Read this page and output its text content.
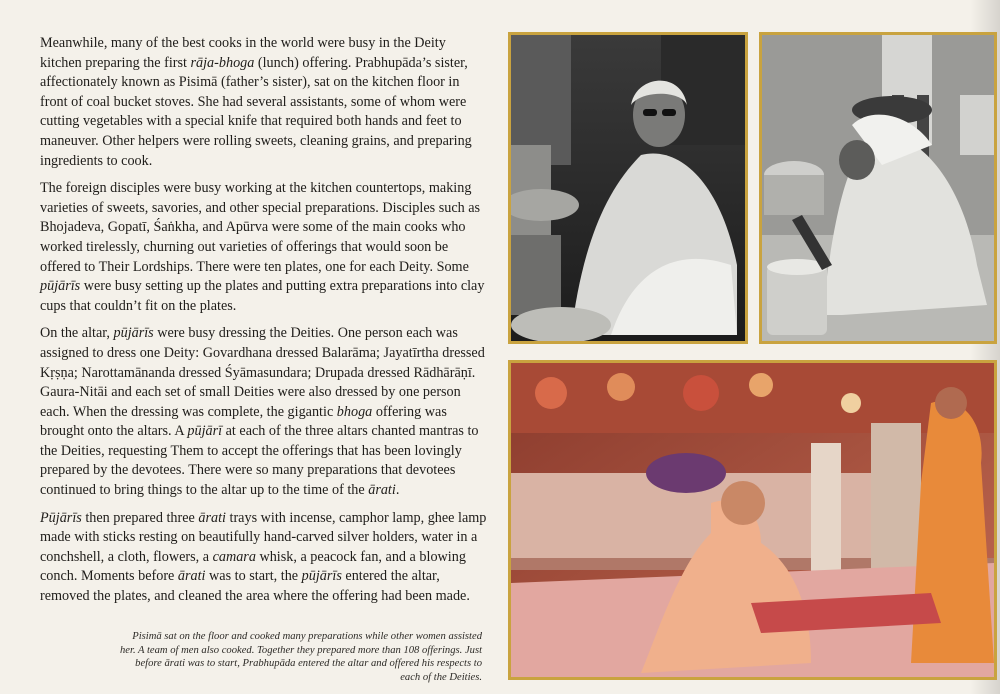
Meanwhile, many of the best cooks in the world were busy in the Deity kitchen preparing the first rāja-bhoga (lunch) offering. Prabhupāda’s sister, affectionately known as Pisimā (father’s sister), sat on the kitchen floor in front of coal bucket stoves. She had several assistants, some of whom were cutting vegetables with a special knife that required both hands and feet to maneuver. Other helpers were rolling sweets, cleaning grains, and preparing ingredients to cook.

The foreign disciples were busy working at the kitchen countertops, making varieties of sweets, savories, and other special preparations. Disciples such as Bhojadeva, Gopatī, Śaṅkha, and Apūrva were some of the main cooks who worked tirelessly, churning out varieties of offerings that would soon be offered to Their Lordships. There were ten plates, one for each Deity. Some pūjārīs were busy setting up the plates and putting extra preparations into clay cups that couldn’t fit on the plates.

On the altar, pūjārīs were busy dressing the Deities. One person each was assigned to dress one Deity: Govardhana dressed Balarāma; Jayatīrtha dressed Kṛṣṇa; Narottamānanda dressed Śyāmasundara; Drupada dressed Rādhārāṇī. Gaura-Nitāi and each set of small Deities were also dressed by one person each. When the dressing was complete, the gigantic bhoga offering was brought onto the altars. A pūjārī at each of the three altars chanted mantras to the Deities, requesting Them to accept the offerings that has been lovingly prepared by the devotees. There were so many preparations that devotees continued to bring things to the altar up to the time of the ārati.

Pūjārīs then prepared three ārati trays with incense, camphor lamp, ghee lamp made with sticks resting on beautifully hand-carved silver holders, water in a conchshell, a cloth, flowers, a camara whisk, a peacock fan, and a blowing conch. Moments before ārati was to start, the pūjārīs entered the altar, removed the plates, and cleaned the area where the offering had been made.

Pisimā sat on the floor and cooked many preparations while other women assisted her. A team of men also cooked. Together they prepared more than 108 offerings. Just before ārati was to start, Prabhupāda entered the altar and offered his respects to each of the Deities.
